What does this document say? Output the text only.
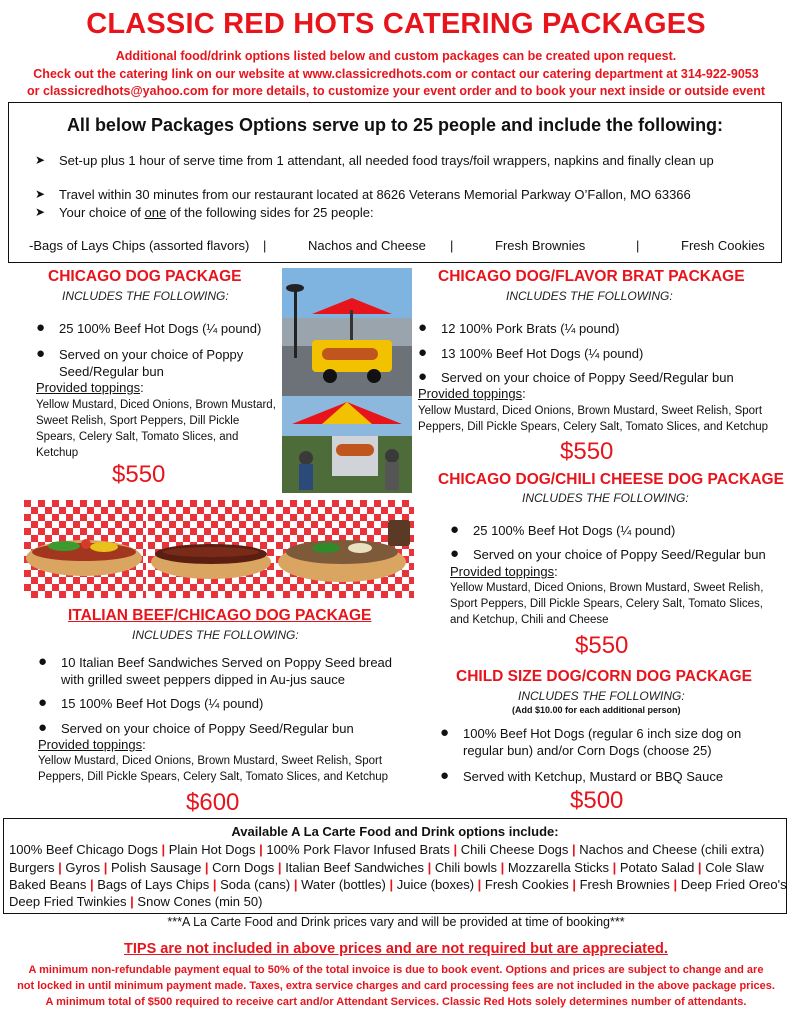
CLASSIC RED HOTS CATERING PACKAGES
Additional food/drink options listed below and custom packages can be created upon request.
Check out the catering link on our website at www.classicredhots.com or contact our catering department at 314-922-9053
or classicredhots@yahoo.com for more details, to customize your event order and to book your next inside or outside event
All below Packages Options serve up to 25 people and include the following:
➤	Set-up plus 1 hour of serve time from 1 attendant, all needed food trays/foil wrappers, napkins and finally clean up
➤	Travel within 30 minutes from our restaurant located at 8626 Veterans Memorial Parkway O’Fallon, MO 63366
➤	Your choice of one of the following sides for 25 people:
-Bags of Lays Chips (assorted flavors) |	Nachos and Cheese |	Fresh Brownies	|	Fresh Cookies
CHICAGO DOG PACKAGE
INCLUDES THE FOLLOWING:
●	25 100% Beef Hot Dogs (¼ pound)
●	Served on your choice of Poppy Seed/Regular bun
Provided toppings:
Yellow Mustard, Diced Onions, Brown Mustard, Sweet Relish, Sport Peppers, Dill Pickle Spears, Celery Salt, Tomato Slices, and Ketchup
$550
CHICAGO DOG/FLAVOR BRAT PACKAGE
INCLUDES THE FOLLOWING:
●	12 100% Pork Brats (¼ pound)
●	13 100% Beef Hot Dogs (¼ pound)
●	Served on your choice of Poppy Seed/Regular bun
Provided toppings:
Yellow Mustard, Diced Onions, Brown Mustard, Sweet Relish, Sport Peppers, Dill Pickle Spears, Celery Salt, Tomato Slices, and Ketchup
$550
CHICAGO DOG/CHILI CHEESE DOG PACKAGE
INCLUDES THE FOLLOWING:
●	25 100% Beef Hot Dogs (¼ pound)
●	Served on your choice of Poppy Seed/Regular bun
Provided toppings:
Yellow Mustard, Diced Onions, Brown Mustard, Sweet Relish, Sport Peppers, Dill Pickle Spears, Celery Salt, Tomato Slices, and Ketchup, Chili and Cheese
$550
ITALIAN BEEF/CHICAGO DOG PACKAGE
INCLUDES THE FOLLOWING:
●	10 Italian Beef Sandwiches Served on Poppy Seed bread with grilled sweet peppers dipped in Au-jus sauce
●	15 100% Beef Hot Dogs (¼ pound)
●	Served on your choice of Poppy Seed/Regular bun
Provided toppings:
Yellow Mustard, Diced Onions, Brown Mustard, Sweet Relish, Sport Peppers, Dill Pickle Spears, Celery Salt, Tomato Slices, and Ketchup
$600
CHILD SIZE DOG/CORN DOG PACKAGE
INCLUDES THE FOLLOWING:
(Add $10.00 for each additional person)
●	100% Beef Hot Dogs (regular 6 inch size dog on regular bun) and/or Corn Dogs (choose 25)
●	Served with Ketchup, Mustard or BBQ Sauce
$500
Available A La Carte Food and Drink options include:
100% Beef Chicago Dogs | Plain Hot Dogs | 100% Pork Flavor Infused Brats | Chili Cheese Dogs | Nachos and Cheese (chili extra)
Burgers | Gyros | Polish Sausage | Corn Dogs | Italian Beef Sandwiches | Chili bowls | Mozzarella Sticks | Potato Salad | Cole Slaw
Baked Beans | Bags of Lays Chips | Soda (cans) | Water (bottles) | Juice (boxes) | Fresh Cookies | Fresh Brownies | Deep Fried Oreo's
Deep Fried Twinkies | Snow Cones (min 50)
***A La Carte Food and Drink prices vary and will be provided at time of booking***
TIPS are not included in above prices and are not required but are appreciated.
A minimum non-refundable payment equal to 50% of the total invoice is due to book event. Options and prices are subject to change and are
not locked in until minimum payment made. Taxes, extra service charges and card processing fees are not included in the above package prices.
A minimum total of $500 required to receive cart and/or Attendant Services. Classic Red Hots solely determines number of attendants.
